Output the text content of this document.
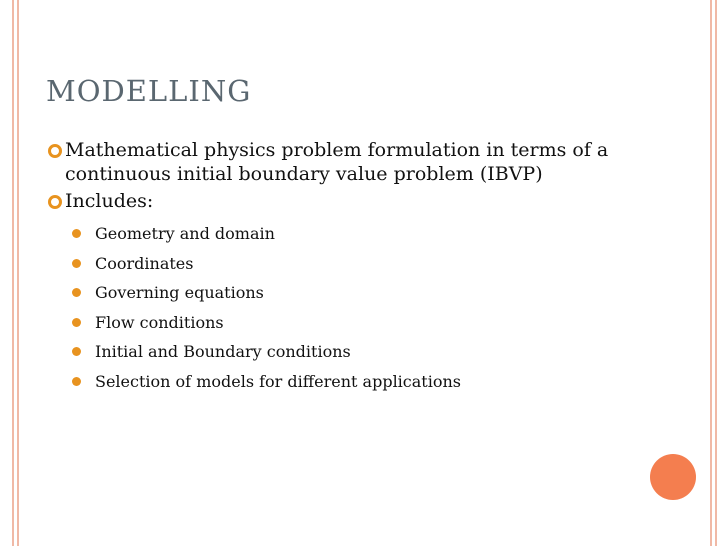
MODELLING
Mathematical physics problem formulation in terms of a continuous initial boundary value problem (IBVP)
Includes:
Geometry and domain
Coordinates
Governing equations
Flow conditions
Initial and Boundary conditions
Selection of models for different applications
